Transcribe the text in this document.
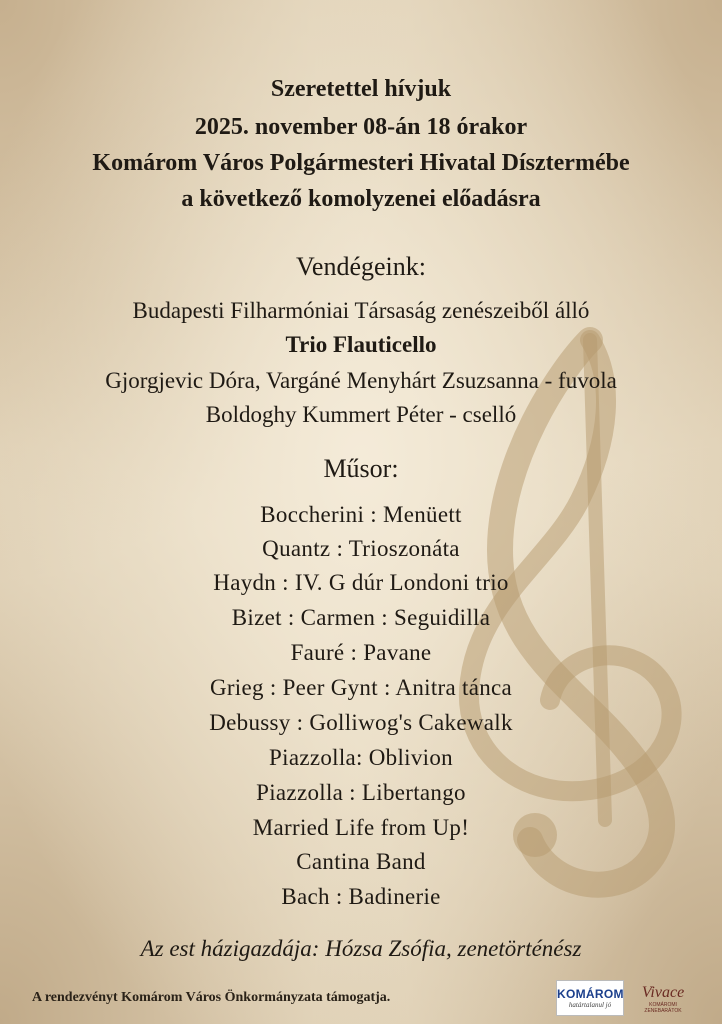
Szeretettel hívjuk
2025. november 08-án 18 órakor
Komárom Város Polgármesteri Hivatal Dísztermébe
a következő komolyzenei előadásra
Vendégeink:
Budapesti Filharmóniai Társaság zenészeiből álló
Trio Flauticello
Gjorgjevic Dóra, Vargáné Menyhárt Zsuzsanna - fuvola
Boldoghy Kummert Péter - cselló
Műsor:
Boccherini : Menüett
Quantz : Trioszonáta
Haydn : IV. G dúr Londoni trio
Bizet : Carmen : Seguidilla
Fauré : Pavane
Grieg : Peer Gynt : Anitra tánca
Debussy : Golliwog's Cakewalk
Piazzolla: Oblivion
Piazzolla : Libertango
Married Life from Up!
Cantina Band
Bach : Badinerie
Az est házigazdája: Hózsa Zsófia, zenetörténész
A rendezvényt Komárom Város Önkormányzata támogatja.	KOMÁROM
határtalanul jó
Vivace
KOMÁROMI ZENEBARÁTOK
